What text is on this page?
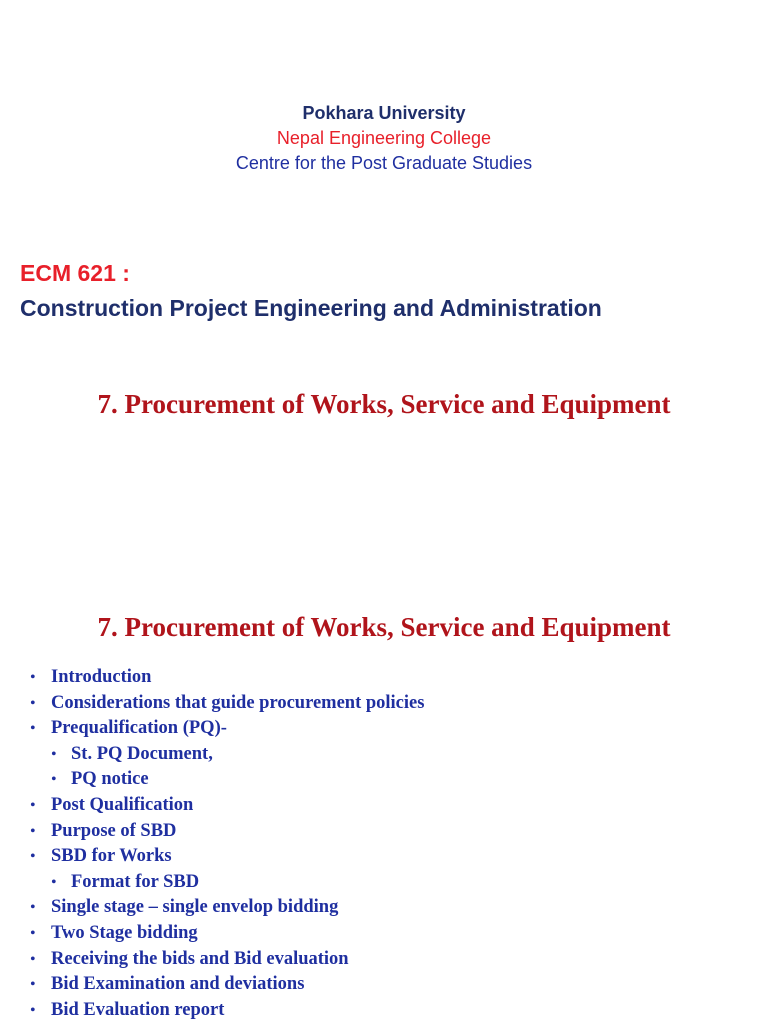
Pokhara University
Nepal Engineering College
Centre for the Post Graduate Studies
ECM 621 :
Construction Project Engineering and Administration
7. Procurement of Works, Service and Equipment
7. Procurement of Works, Service and Equipment
• Introduction
• Considerations that guide procurement policies
• Prequalification (PQ)-
• St. PQ Document,
• PQ notice
• Post Qualification
• Purpose of SBD
• SBD for Works
• Format for SBD
• Single stage – single envelop bidding
• Two Stage bidding
• Receiving the bids and Bid evaluation
• Bid Examination and deviations
• Bid Evaluation report
